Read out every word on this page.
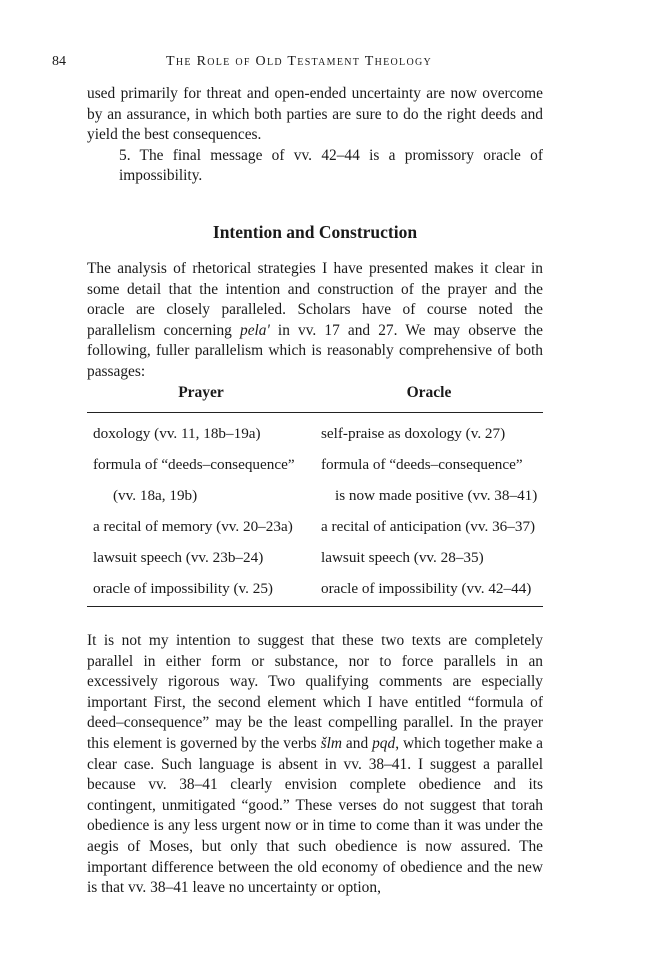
84	The Role of Old Testament Theology
used primarily for threat and open-ended uncertainty are now overcome by an assurance, in which both parties are sure to do the right deeds and yield the best consequences.
5. The final message of vv. 42–44 is a promissory oracle of impossibility.
Intention and Construction

The analysis of rhetorical strategies I have presented makes it clear in some detail that the intention and construction of the prayer and the oracle are closely paralleled. Scholars have of course noted the parallelism concerning pela' in vv. 17 and 27. We may observe the following, fuller parallelism which is reasonably comprehensive of both passages:

Prayer	Oracle
doxology (vv. 11, 18b–19a)	self-praise as doxology (v. 27)
formula of “deeds–consequence”	formula of “deeds–consequence”
(vv. 18a, 19b)	is now made positive (vv. 38–41)
a recital of memory (vv. 20–23a)	a recital of anticipation (vv. 36–37)
lawsuit speech (vv. 23b–24)	lawsuit speech (vv. 28–35)
oracle of impossibility (v. 25)	oracle of impossibility (vv. 42–44)

It is not my intention to suggest that these two texts are completely parallel in either form or substance, nor to force parallels in an excessively rigorous way. Two qualifying comments are especially important First, the second element which I have entitled “formula of deed–consequence” may be the least compelling parallel. In the prayer this element is governed by the verbs šlm and pqd, which together make a clear case. Such language is absent in vv. 38–41. I suggest a parallel because vv. 38–41 clearly envision complete obedience and its contingent, unmitigated “good.” These verses do not suggest that torah obedience is any less urgent now or in time to come than it was under the aegis of Moses, but only that such obedience is now assured. The important difference between the old economy of obedience and the new is that vv. 38–41 leave no uncertainty or option,
